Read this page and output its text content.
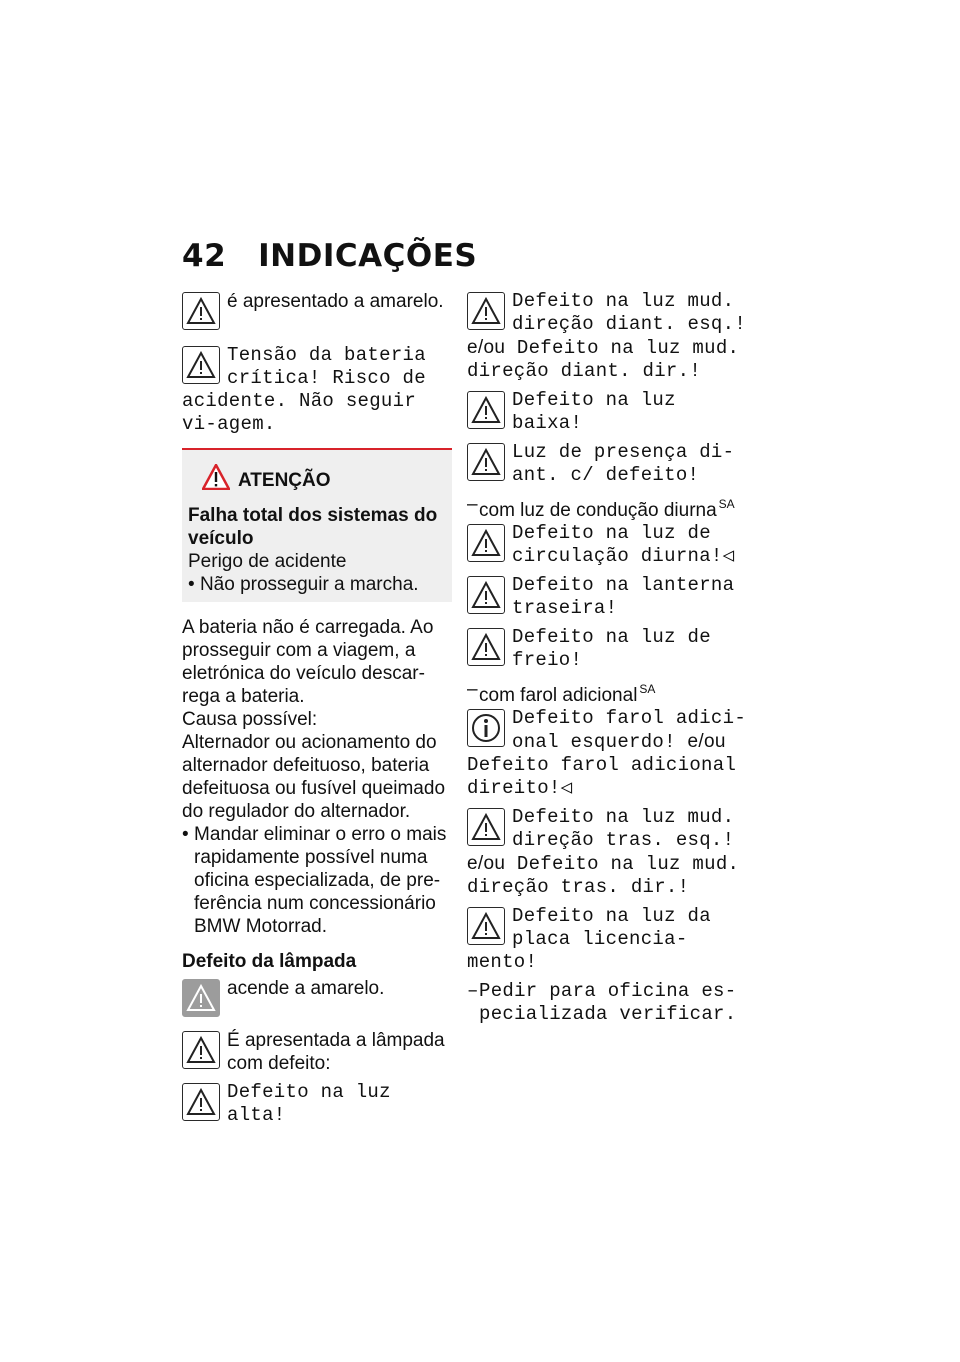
42 INDICAÇÕES
é apresentado a amarelo.
Tensão da bateria crítica! Risco de acidente. Não seguir vi-agem.
ATENÇÃO
Falha total dos sistemas do veículo
Perigo de acidente
• Não prosseguir a marcha.
A bateria não é carregada. Ao prosseguir com a viagem, a eletrónica do veículo descar-rega a bateria.
Causa possível:
Alternador ou acionamento do alternador defeituoso, bateria defeituosa ou fusível queimado do regulador do alternador.
• Mandar eliminar o erro o mais rapidamente possível numa oficina especializada, de pre-ferência num concessionário BMW Motorrad.
Defeito da lâmpada
acende a amarelo.
É apresentada a lâmpada com defeito:
Defeito na luz alta!
Defeito na luz mud. direção diant. esq.! e/ou Defeito na luz mud. direção diant. dir.!
Defeito na luz baixa!
Luz de presença di-ant. c/ defeito!
– com luz de condução diurna $^{SA}$
Defeito na luz de circulação diurna!◁
Defeito na lanterna traseira!
Defeito na luz de freio!
– com farol adicional $^{SA}$
Defeito farol adici-onal esquerdo! e/ou Defeito farol adicional direito!◁
Defeito na luz mud. direção tras. esq.! e/ou Defeito na luz mud. direção tras. dir.!
Defeito na luz da placa licencia-mento!
– Pedir para oficina es-pecializada verificar.
